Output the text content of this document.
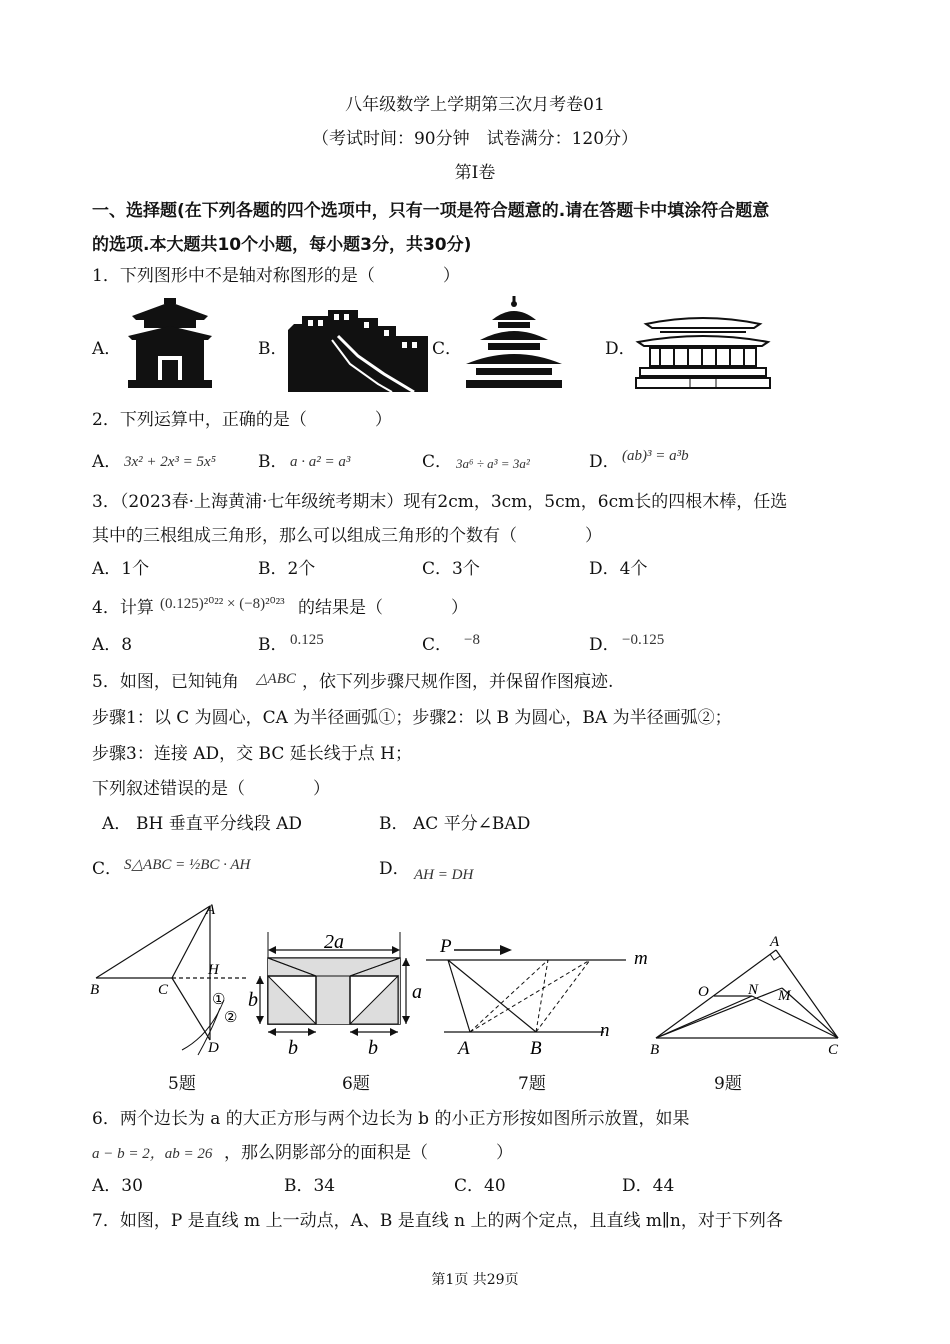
八年级数学上学期第三次月考卷01
（考试时间：90分钟　试卷满分：120分）
第Ⅰ卷
一、选择题(在下列各题的四个选项中，只有一项是符合题意的.请在答题卡中填涂符合题意
的选项.本大题共10个小题，每小题3分，共30分)
1．下列图形中不是轴对称图形的是（　　　　）
A．	B．	C．	D．
2．下列运算中，正确的是（　　　　）
A． 3x² + 2x³ = 5x⁵ B． a · a² = a³	C． 3a⁶ ÷ a³ = 3a²	D． (ab)³ = a³b
3．（2023春·上海黄浦·七年级统考期末）现有2cm，3cm，5cm，6cm长的四根木棒，任选
其中的三根组成三角形，那么可以组成三角形的个数有（　　　　）
A．1个	B．2个	C．3个	D．4个
4．计算 (0.125)²⁰²² × (−8)²⁰²³ 的结果是（　　　　）
A．8	B． 0.125	C． −8	D． −0.125
5．如图，已知钝角 △ABC ，依下列步骤尺规作图，并保留作图痕迹.
步骤1：以 C 为圆心，CA 为半径画弧①；步骤2：以 B 为圆心，BA 为半径画弧②；
步骤3：连接 AD，交 BC 延长线于点 H；
下列叙述错误的是（　　　　）
A． BH 垂直平分线段 AD	B． AC 平分∠BAD
C． S△ABC = ½BC · AH	D． AH = DH
A
B	C
H
D
①
②
2a
a
b
b	b
P
m
n
A	B
A
O	N M
B	C
5题	6题	7题	9题
6．两个边长为 a 的大正方形与两个边长为 b 的小正方形按如图所示放置，如果
a − b = 2，ab = 26 ，那么阴影部分的面积是（　　　　）
A．30	B．34	C．40	D．44
7．如图，P 是直线 m 上一动点，A、B 是直线 n 上的两个定点，且直线 m∥n，对于下列各
第1页 共29页
